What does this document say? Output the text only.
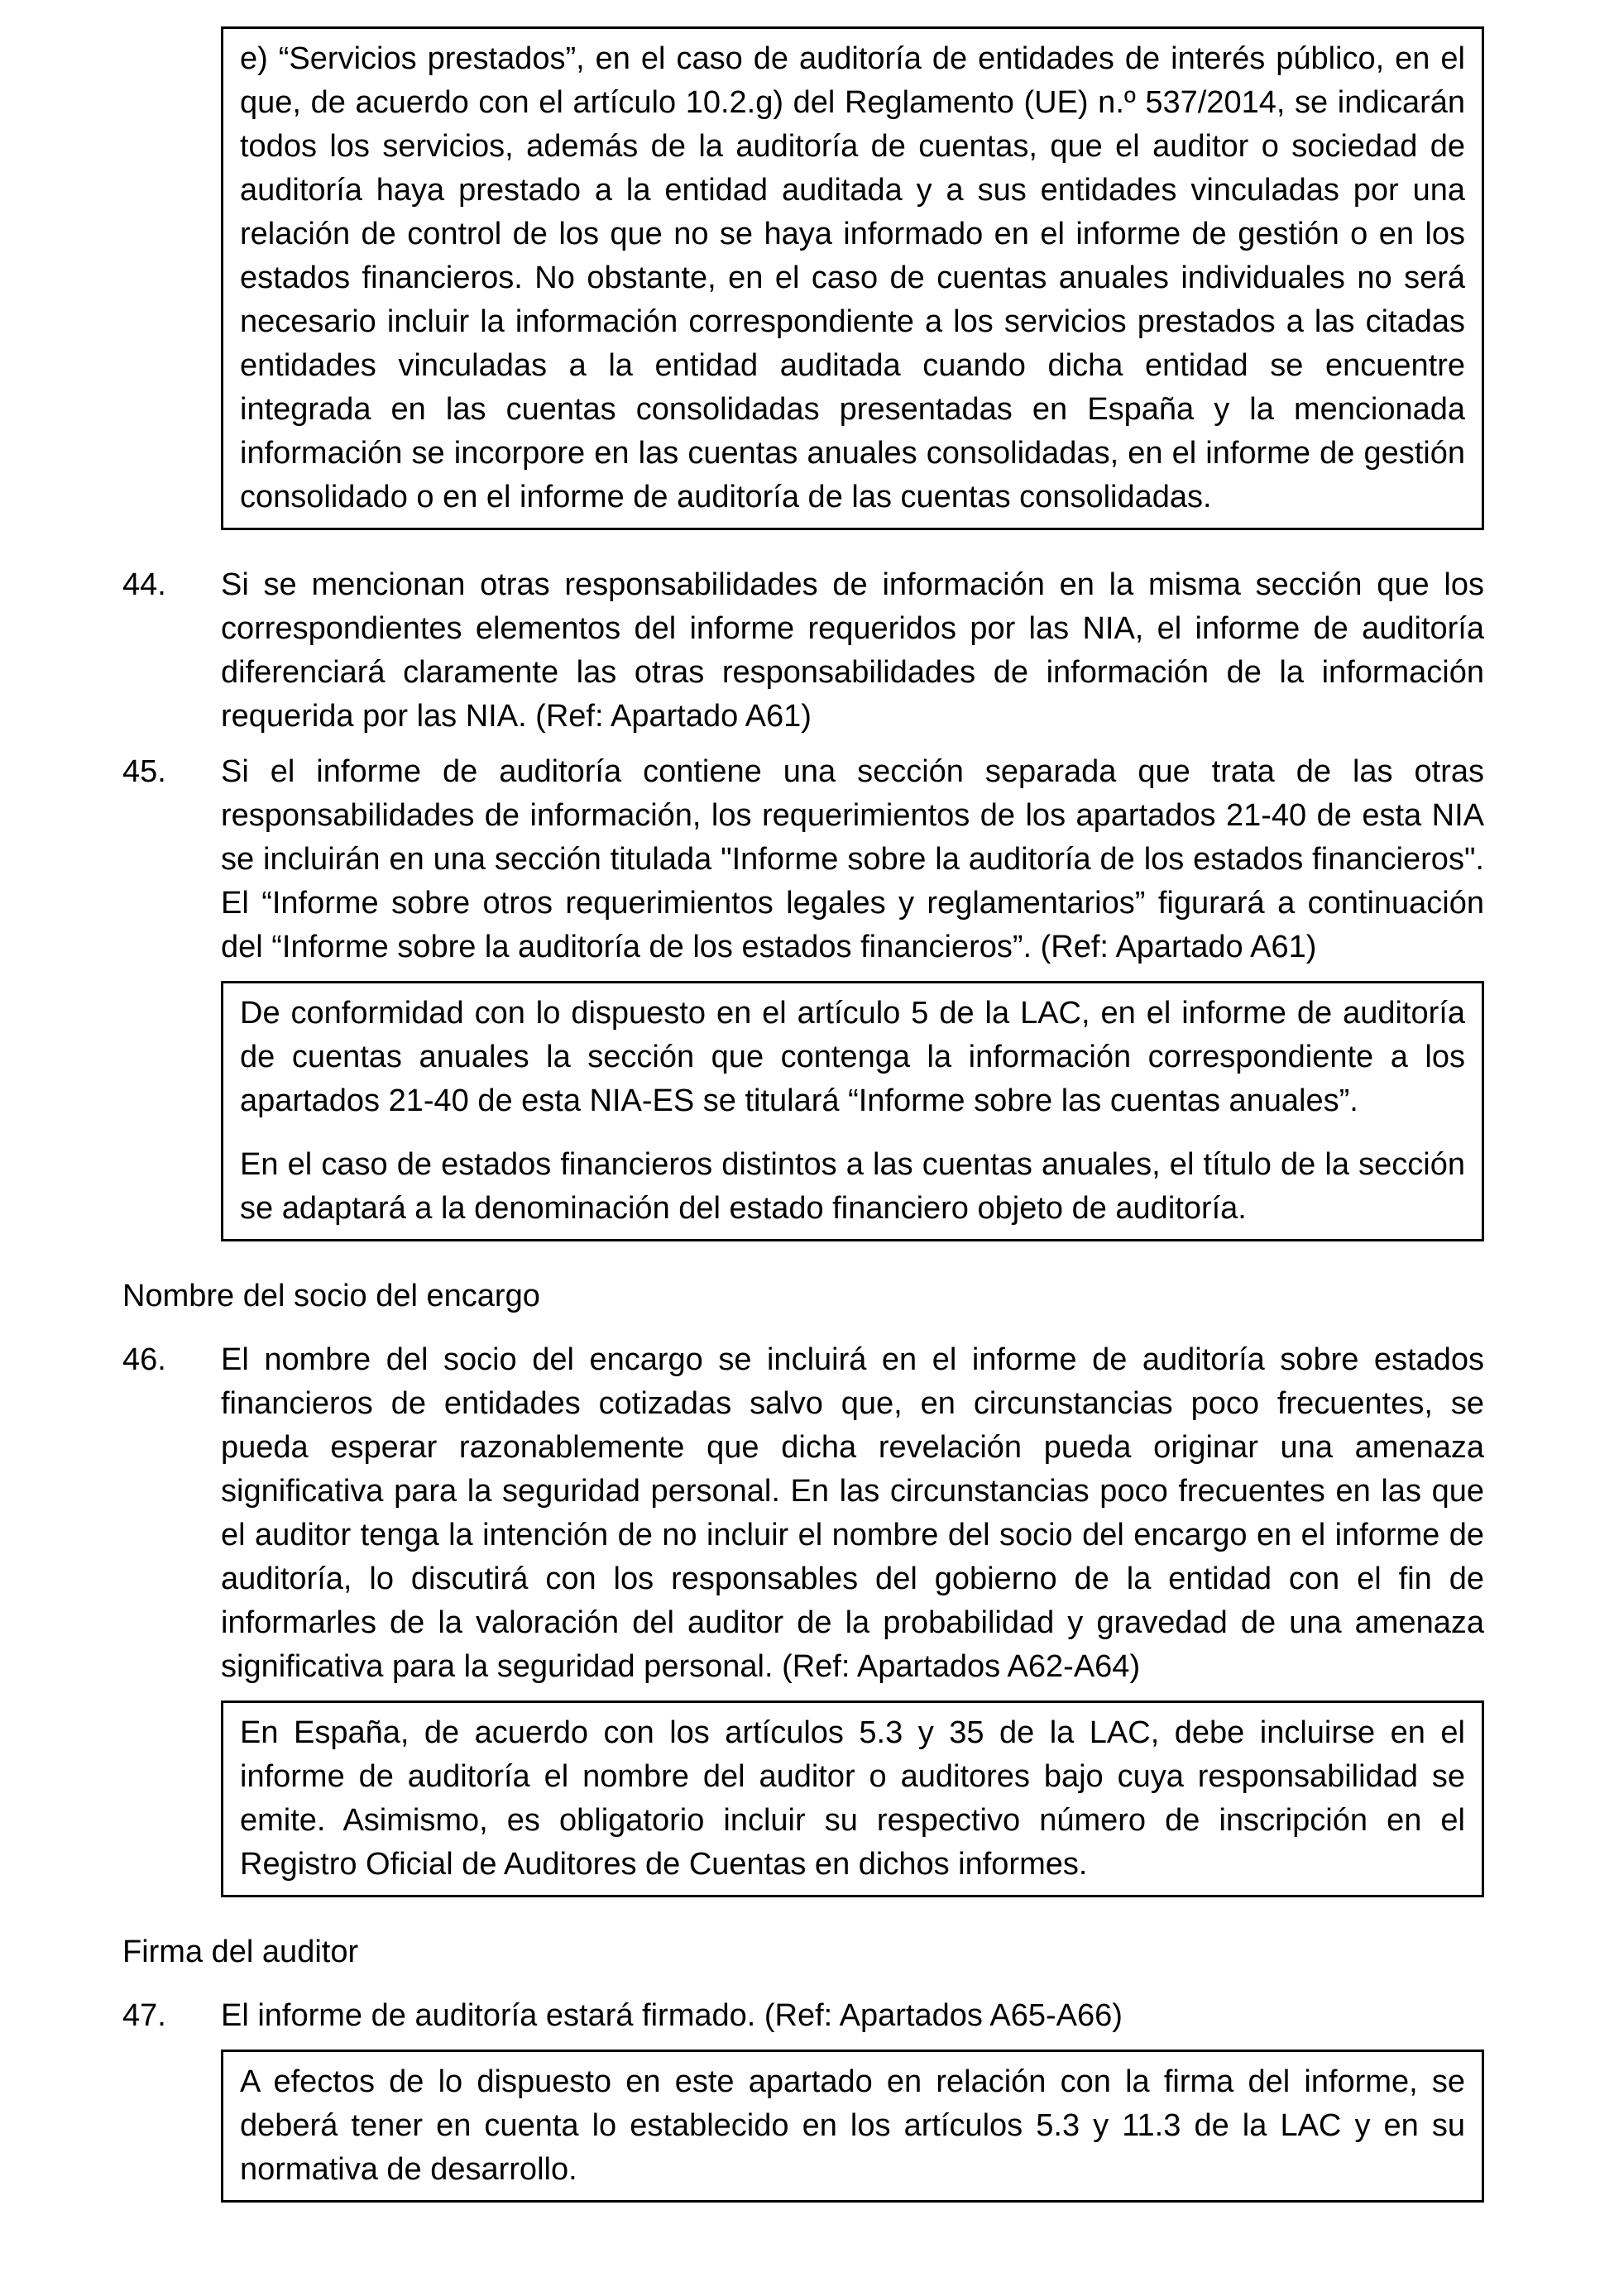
e) “Servicios prestados”, en el caso de auditoría de entidades de interés público, en el que, de acuerdo con el artículo 10.2.g) del Reglamento (UE) n.º 537/2014, se indicarán todos los servicios, además de la auditoría de cuentas, que el auditor o sociedad de auditoría haya prestado a la entidad auditada y a sus entidades vinculadas por una relación de control de los que no se haya informado en el informe de gestión o en los estados financieros. No obstante, en el caso de cuentas anuales individuales no será necesario incluir la información correspondiente a los servicios prestados a las citadas entidades vinculadas a la entidad auditada cuando dicha entidad se encuentre integrada en las cuentas consolidadas presentadas en España y la mencionada información se incorpore en las cuentas anuales consolidadas, en el informe de gestión consolidado o en el informe de auditoría de las cuentas consolidadas.

44.	Si se mencionan otras responsabilidades de información en la misma sección que los correspondientes elementos del informe requeridos por las NIA, el informe de auditoría diferenciará claramente las otras responsabilidades de información de la información requerida por las NIA. (Ref: Apartado A61)

45.	Si el informe de auditoría contiene una sección separada que trata de las otras responsabilidades de información, los requerimientos de los apartados 21-40 de esta NIA se incluirán en una sección titulada "Informe sobre la auditoría de los estados financieros". El “Informe sobre otros requerimientos legales y reglamentarios” figurará a continuación del “Informe sobre la auditoría de los estados financieros”. (Ref: Apartado A61)

De conformidad con lo dispuesto en el artículo 5 de la LAC, en el informe de auditoría de cuentas anuales la sección que contenga la información correspondiente a los apartados 21-40 de esta NIA-ES se titulará “Informe sobre las cuentas anuales”.

En el caso de estados financieros distintos a las cuentas anuales, el título de la sección se adaptará a la denominación del estado financiero objeto de auditoría.

Nombre del socio del encargo
46.	El nombre del socio del encargo se incluirá en el informe de auditoría sobre estados financieros de entidades cotizadas salvo que, en circunstancias poco frecuentes, se pueda esperar razonablemente que dicha revelación pueda originar una amenaza significativa para la seguridad personal. En las circunstancias poco frecuentes en las que el auditor tenga la intención de no incluir el nombre del socio del encargo en el informe de auditoría, lo discutirá con los responsables del gobierno de la entidad con el fin de informarles de la valoración del auditor de la probabilidad y gravedad de una amenaza significativa para la seguridad personal. (Ref: Apartados A62-A64)

En España, de acuerdo con los artículos 5.3 y 35 de la LAC, debe incluirse en el informe de auditoría el nombre del auditor o auditores bajo cuya responsabilidad se emite. Asimismo, es obligatorio incluir su respectivo número de inscripción en el Registro Oficial de Auditores de Cuentas en dichos informes.

Firma del auditor
47.	El informe de auditoría estará firmado. (Ref: Apartados A65-A66)

A efectos de lo dispuesto en este apartado en relación con la firma del informe, se deberá tener en cuenta lo establecido en los artículos 5.3 y 11.3 de la LAC y en su normativa de desarrollo.
